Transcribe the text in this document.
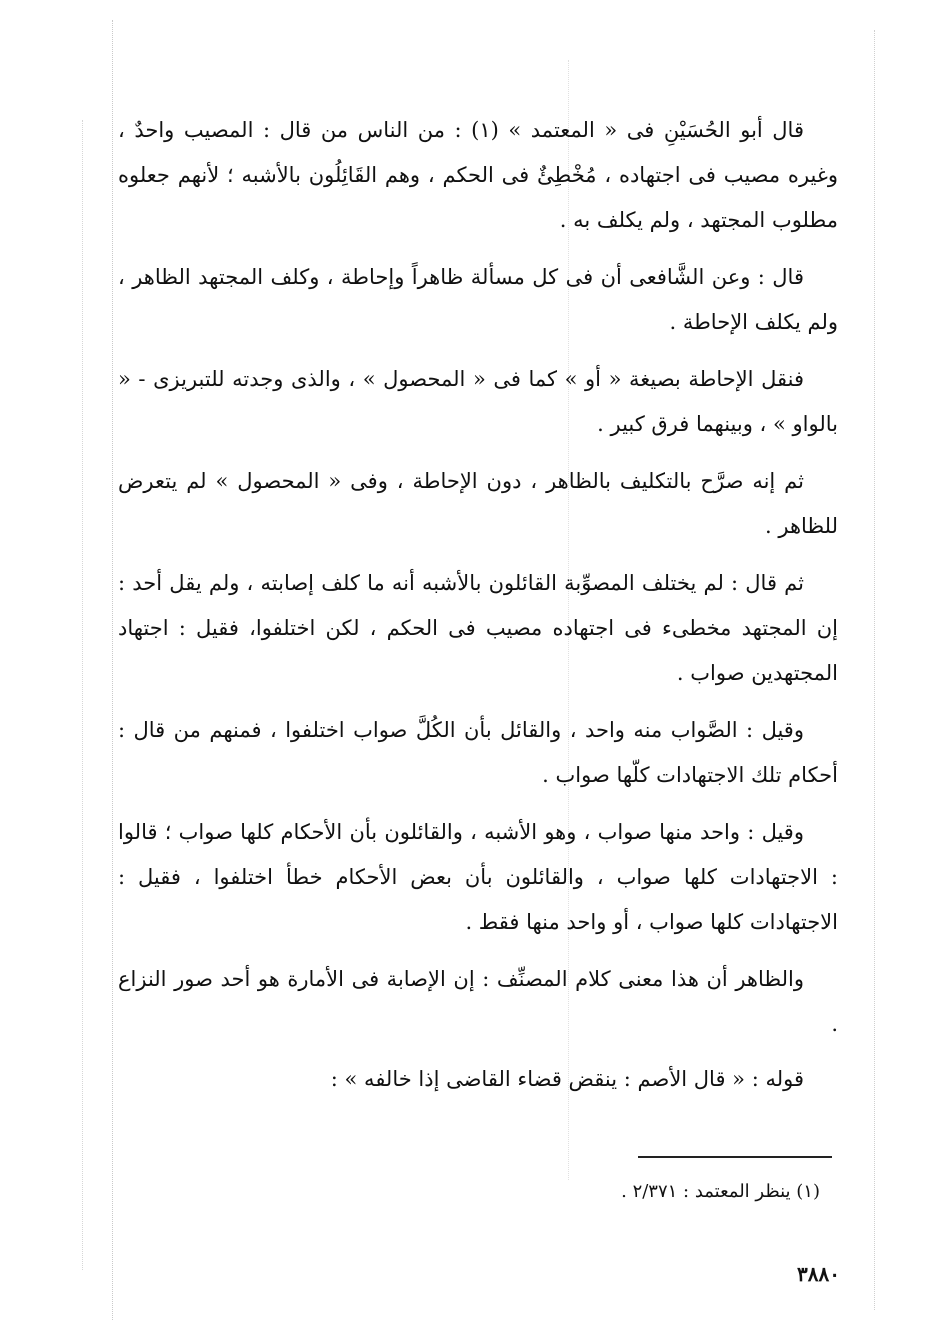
قال أبو الحُسَيْنِ فى « المعتمد » (١) : من الناس من قال : المصيب واحدٌ ، وغيره مصيب فى اجتهاده ، مُخْطِئٌ فى الحكم ، وهم القَائِلُون بالأشبه ؛ لأنهم جعلوه مطلوب المجتهد ، ولم يكلف به .

قال : وعن الشَّافعى أن فى كل مسألة ظاهراً وإحاطة ، وكلف المجتهد الظاهر ، ولم يكلف الإحاطة .

فنقل الإحاطة بصيغة « أو » كما فى « المحصول » ، والذى وجدته للتبريزى - « بالواو » ، وبينهما فرق كبير .

ثم إنه صرَّح بالتكليف بالظاهر ، دون الإحاطة ، وفى « المحصول » لم يتعرض للظاهر .

ثم قال : لم يختلف المصوِّبة القائلون بالأشبه أنه ما كلف إصابته ، ولم يقل أحد : إن المجتهد مخطىء فى اجتهاده مصيب فى الحكم ، لكن اختلفوا، فقيل : اجتهاد المجتهدين صواب .

وقيل : الصَّواب منه واحد ، والقائل بأن الكُلَّ صواب اختلفوا ، فمنهم من قال : أحكام تلك الاجتهادات كلّها صواب .

وقيل : واحد منها صواب ، وهو الأشبه ، والقائلون بأن الأحكام كلها صواب ؛ قالوا : الاجتهادات كلها صواب ، والقائلون بأن بعض الأحكام خطأ اختلفوا ، فقيل : الاجتهادات كلها صواب ، أو واحد منها فقط .

والظاهر أن هذا معنى كلام المصنِّف : إن الإصابة فى الأمارة هو أحد صور النزاع .

قوله : « قال الأصم : ينقض قضاء القاضى إذا خالفه » :

(١) ينظر المعتمد : ٢/٣٧١ .
٣٨٨٠
